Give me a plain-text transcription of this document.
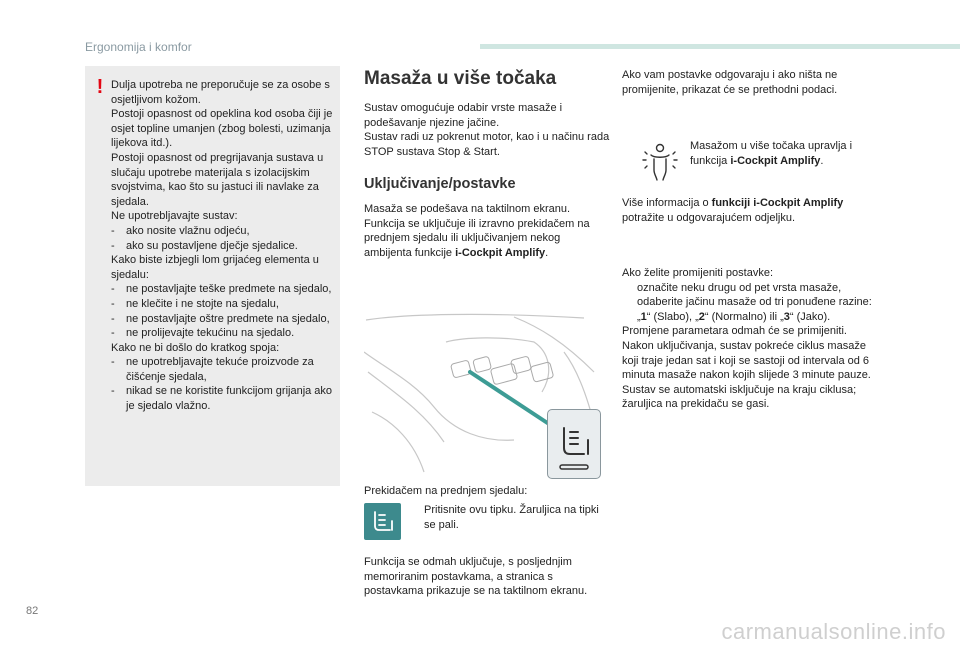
Ergonomija i komfor
! Dulja upotreba ne preporučuje se za osobe s osjetljivom kožom.

Postoji opasnost od opeklina kod osoba čiji je osjet topline umanjen (zbog bolesti, uzimanja lijekova itd.).

Postoji opasnost od pregrijavanja sustava u slučaju upotrebe materijala s izolacijskim svojstvima, kao što su jastuci ili navlake za sjedala.

Ne upotrebljavajte sustav:

- ako nosite vlažnu odjeću,
- ako su postavljene dječje sjedalice.

Kako biste izbjegli lom grijaćeg elementa u sjedalu:

- ne postavljajte teške predmete na sjedalo,
- ne klečite i ne stojte na sjedalu,
- ne postavljajte oštre predmete na sjedalo,
- ne prolijevajte tekućinu na sjedalo.

Kako ne bi došlo do kratkog spoja:

- ne upotrebljavajte tekuće proizvode za čišćenje sjedala,
- nikad se ne koristite funkcijom grijanja ako je sjedalo vlažno.
Masaža u više točaka

Sustav omogućuje odabir vrste masaže i podešavanje njezine jačine.

Sustav radi uz pokrenut motor, kao i u načinu rada STOP sustava Stop & Start.

Uključivanje/postavke

Masaža se podešava na taktilnom ekranu. Funkcija se uključuje ili izravno prekidačem na prednjem sjedalu ili uključivanjem nekog ambijenta funkcije i-Cockpit Amplify.

Prekidačem na prednjem sjedalu:
Pritisnite ovu tipku. Žaruljica na tipki se pali.
Funkcija se odmah uključuje, s posljednjim memoriranim postavkama, a stranica s postavkama prikazuje se na taktilnom ekranu.
Ako vam postavke odgovaraju i ako ništa ne promijenite, prikazat će se prethodni podaci.

Masažom u više točaka upravlja i funkcija i-Cockpit Amplify.

Više informacija o funkciji i-Cockpit Amplify potražite u odgovarajućem odjeljku.

Ako želite promijeniti postavke:

označite neku drugu od pet vrsta masaže,
odaberite jačinu masaže od tri ponuđene razine: „1“ (Slabo), „2“ (Normalno) ili „3“ (Jako).

Promjene parametara odmah će se primijeniti.

Nakon uključivanja, sustav pokreće ciklus masaže koji traje jedan sat i koji se sastoji od intervala od 6 minuta masaže nakon kojih slijede 3 minute pauze.

Sustav se automatski isključuje na kraju ciklusa; žaruljica na prekidaču se gasi.

82
carmanualsonline.info
